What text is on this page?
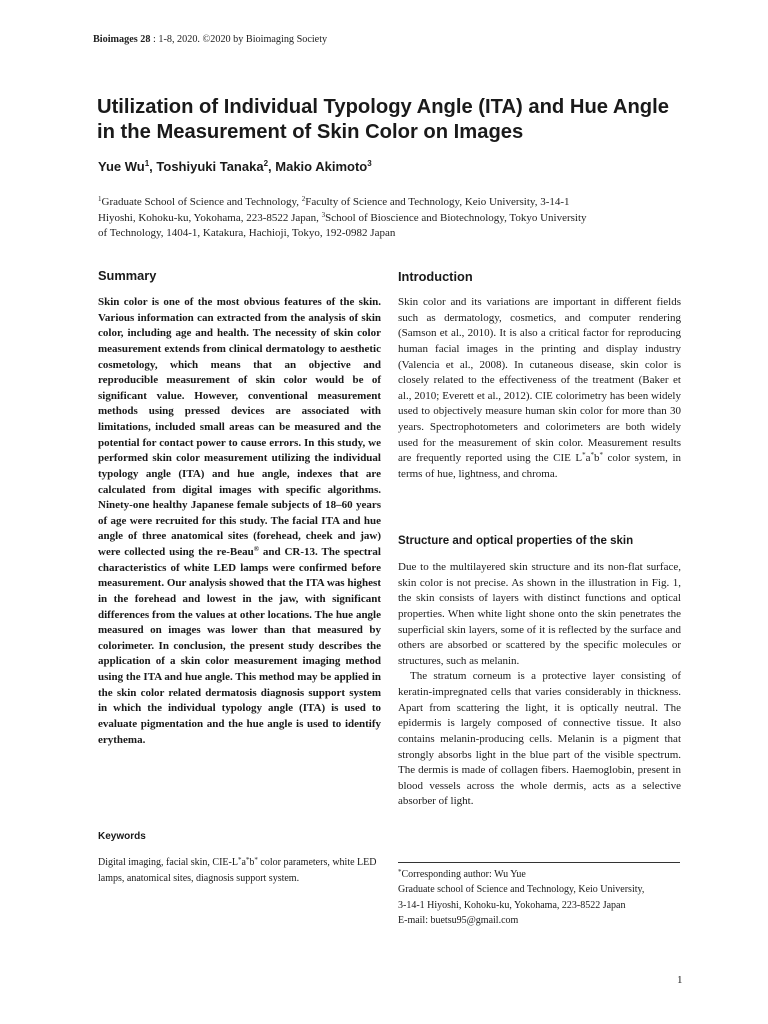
Bioimages 28 : 1-8, 2020. ©2020 by Bioimaging Society
Utilization of Individual Typology Angle (ITA) and Hue Angle in the Measurement of Skin Color on Images
Yue Wu$^1$, Toshiyuki Tanaka$^2$, Makio Akimoto$^3$
$^1$Graduate School of Science and Technology, $^2$Faculty of Science and Technology, Keio University, 3-14-1
Hiyoshi, Kohoku-ku, Yokohama, 223-8522 Japan, $^3$School of Bioscience and Biotechnology, Tokyo University
of Technology, 1404-1, Katakura, Hachioji, Tokyo, 192-0982 Japan
Summary

Skin color is one of the most obvious features of the skin. Various information can extracted from the analysis of skin color, including age and health. The necessity of skin color measurement extends from clinical dermatology to aesthetic cosmetology, which means that an objective and reproducible measurement of skin color would be of significant value. However, conventional measurement methods using pressed devices are associated with limitations, included small areas can be measured and the potential for contact power to cause errors. In this study, we performed skin color measurement utilizing the individual typology angle (ITA) and hue angle, indexes that are calculated from digital images with specific algorithms. Ninety-one healthy Japanese female subjects of 18–60 years of age were recruited for this study. The facial ITA and hue angle of three anatomical sites (forehead, cheek and jaw) were collected using the re-Beau® and CR-13. The spectral characteristics of white LED lamps were confirmed before measurement. Our analysis showed that the ITA was highest in the forehead and lowest in the jaw, with significant differences from the values at other locations. The hue angle measured on images was lower than that measured by colorimeter. In conclusion, the present study describes the application of a skin color measurement imaging method using the ITA and hue angle. This method may be applied in the skin color related dermatosis diagnosis support system in which the individual typology angle (ITA) is used to evaluate pigmentation and the hue angle is used to identify erythema.

Keywords

Digital imaging, facial skin, CIE-L*a*b* color parameters, white LED lamps, anatomical sites, diagnosis support system.

Introduction

Skin color and its variations are important in different fields such as dermatology, cosmetics, and computer rendering (Samson et al., 2010). It is also a critical factor for reproducing human facial images in the printing and display industry (Valencia et al., 2008). In cutaneous disease, skin color is closely related to the effectiveness of the treatment (Baker et al., 2010; Everett et al., 2012). CIE colorimetry has been widely used to objectively measure human skin color for more than 30 years. Spectrophotometers and colorimeters are both widely used for the measurement of skin color. Measurement results are frequently reported using the CIE L*a*b* color system, in terms of hue, lightness, and chroma.

Structure and optical properties of the skin

Due to the multilayered skin structure and its non-flat surface, skin color is not precise. As shown in the illustration in Fig. 1, the skin consists of layers with distinct functions and optical properties. When white light shone onto the skin penetrates the superficial skin layers, some of it is reflected by the surface and others are absorbed or scattered by the specific molecules or structures, such as melanin.

The stratum corneum is a protective layer consisting of keratin-impregnated cells that varies considerably in thickness. Apart from scattering the light, it is optically neutral. The epidermis is largely composed of connective tissue. It also contains melanin-producing cells. Melanin is a pigment that strongly absorbs light in the blue part of the visible spectrum. The dermis is made of collagen fibers. Haemoglobin, present in blood vessels across the whole dermis, acts as a selective absorber of light.

*Corresponding author: Wu Yue
Graduate school of Science and Technology, Keio University,
3-14-1 Hiyoshi, Kohoku-ku, Yokohama, 223-8522 Japan
E-mail: buetsu95@gmail.com
1
